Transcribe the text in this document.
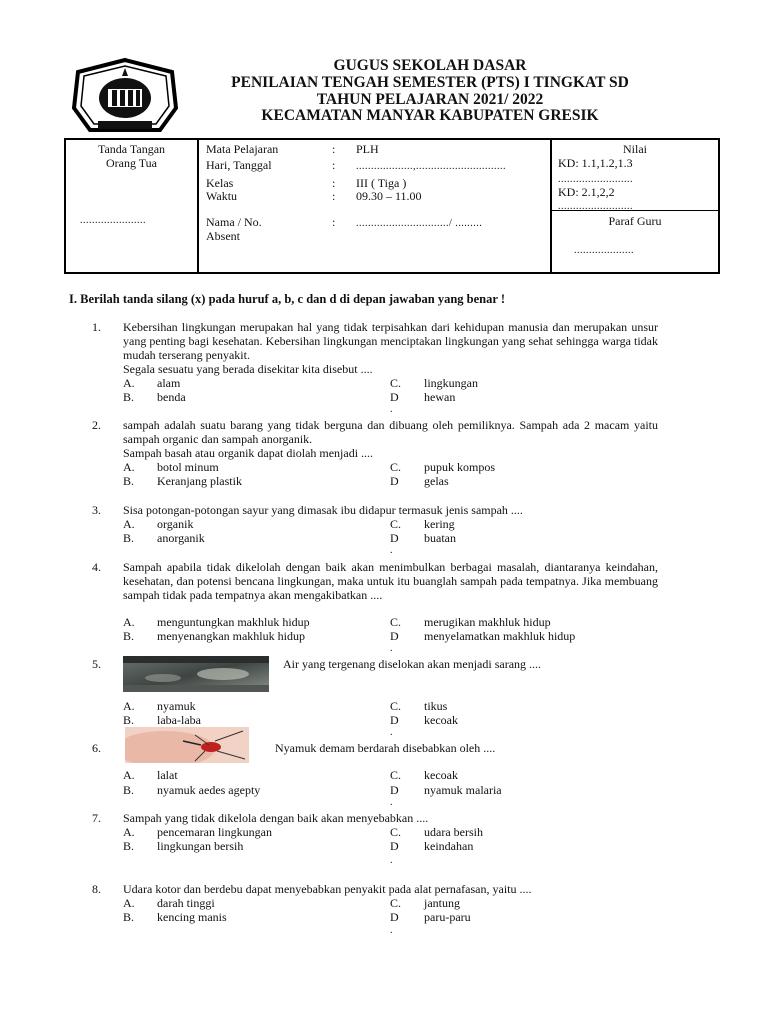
GUGUS SEKOLAH DASAR
PENILAIAN TENGAH SEMESTER (PTS) I TINGKAT SD
TAHUN PELAJARAN 2021/ 2022
KECAMATAN MANYAR KABUPATEN GRESIK
Tanda Tangan
Orang Tua
......................
Mata Pelajaran	: PLH
Hari, Tanggal	: ...................,..............................
Kelas	: III ( Tiga )
Waktu	: 09.30 – 11.00
Nama / No.	: .............................../ .........
Absent
Nilai
KD: 1.1,1.2,1.3
.........................
KD: 2.1,2,2
.........................
Paraf Guru
....................
I. Berilah tanda silang (x) pada huruf a, b, c dan d di depan jawaban yang benar !
1. Kebersihan lingkungan merupakan hal yang tidak terpisahkan dari kehidupan manusia dan merupakan unsur yang penting bagi kesehatan. Kebersihan lingkungan menciptakan lingkungan yang sehat sehingga warga tidak mudah terserang penyakit.
Segala sesuatu yang berada disekitar kita disebut ....
A. alam	C. lingkungan
B. benda	D hewan
.
2. sampah adalah suatu barang yang tidak berguna dan dibuang oleh pemiliknya. Sampah ada 2 macam yaitu sampah organic dan sampah anorganik.
Sampah basah atau organik dapat diolah menjadi ....
A. botol minum	C. pupuk kompos
B. Keranjang plastik	D gelas
3. Sisa potongan-potongan sayur yang dimasak ibu didapur termasuk jenis sampah ....
A. organik	C. kering
B. anorganik	D buatan
.
4. Sampah apabila tidak dikelolah dengan baik akan menimbulkan berbagai masalah, diantaranya keindahan, kesehatan, dan potensi bencana lingkungan, maka untuk itu buanglah sampah pada tempatnya. Jika membuang sampah tidak pada tempatnya akan mengakibatkan ....
A. menguntungkan makhluk hidup	C. merugikan makhluk hidup
B. menyenangkan makhluk hidup	D menyelamatkan makhluk hidup
.
5.	Air yang tergenang diselokan akan menjadi sarang ....
A. nyamuk	C. tikus
B. laba-laba	D kecoak
.
6.	Nyamuk demam berdarah disebabkan oleh ....
A. lalat	C. kecoak
B. nyamuk aedes agepty	D nyamuk malaria
.
7. Sampah yang tidak dikelola dengan baik akan menyebabkan ....
A. pencemaran lingkungan	C. udara bersih
B. lingkungan bersih	D keindahan
.
8. Udara kotor dan berdebu dapat menyebabkan penyakit pada alat pernafasan, yaitu ....
A. darah tinggi	C. jantung
B. kencing manis	D paru-paru
.
